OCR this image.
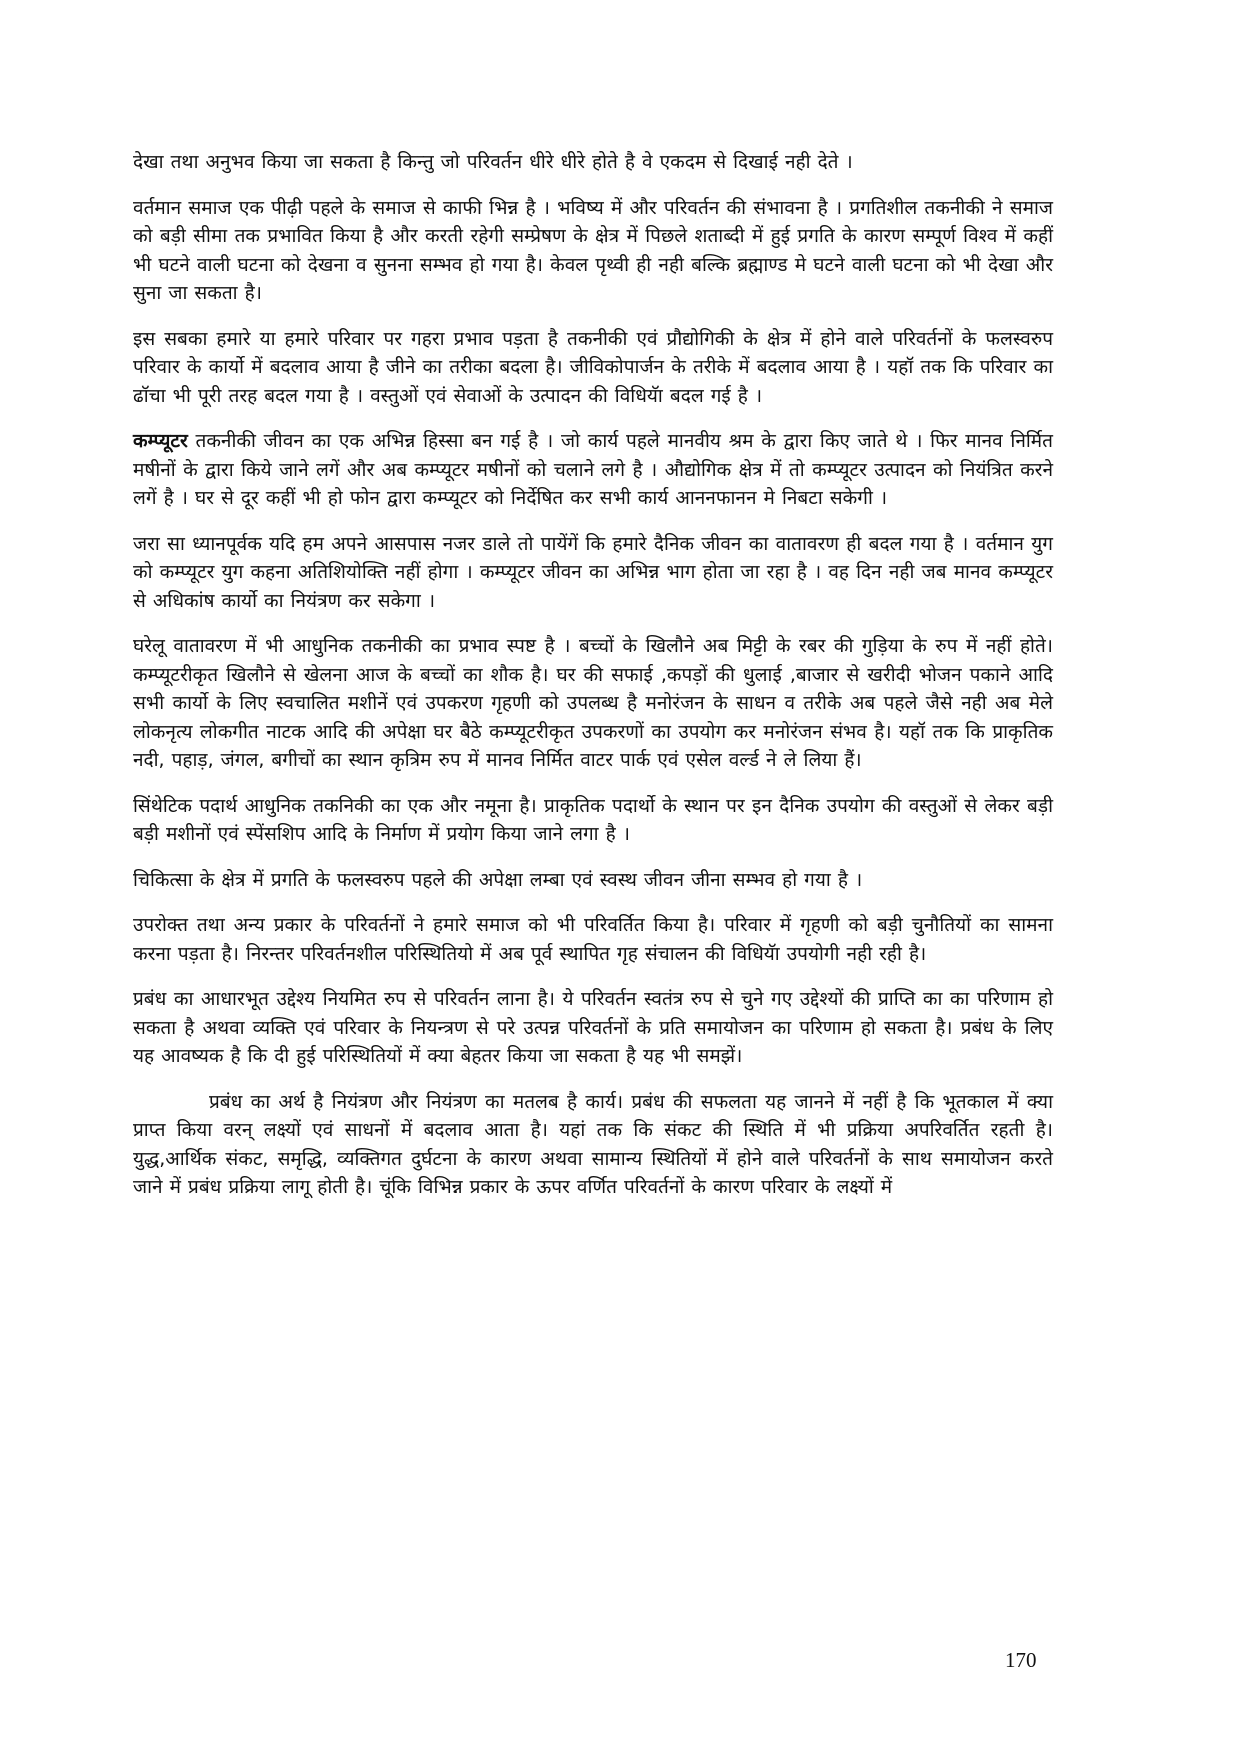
देखा तथा अनुभव किया जा सकता है किन्तु जो परिवर्तन धीरे धीरे होते है वे एकदम से दिखाई नही देते ।

वर्तमान समाज एक पीढ़ी पहले के समाज से काफी भिन्न है । भविष्य में और परिवर्तन की संभावना है । प्रगतिशील तकनीकी ने समाज को बड़ी सीमा तक प्रभावित किया है और करती रहेगी सम्प्रेषण के क्षेत्र में पिछले शताब्दी में हुई प्रगति के कारण सम्पूर्ण विश्व में कहीं भी घटने वाली घटना को देखना व सुनना सम्भव हो गया है। केवल पृथ्वी ही नही बल्कि ब्रह्माण्ड मे घटने वाली घटना को भी देखा और सुना जा सकता है।

इस सबका हमारे या हमारे परिवार पर गहरा प्रभाव पड़ता है तकनीकी एवं प्रौद्योगिकी के क्षेत्र में होने वाले परिवर्तनों के फलस्वरुप परिवार के कार्यो में बदलाव आया है जीने का तरीका बदला है। जीविकोपार्जन के तरीके में बदलाव आया है । यहॉ तक कि परिवार का ढॉचा भी पूरी तरह बदल गया है । वस्तुओं एवं सेवाओं के उत्पादन की विधियॅा बदल गई है ।

कम्प्यूटर तकनीकी जीवन का एक अभिन्न हिस्सा बन गई है । जो कार्य पहले मानवीय श्रम के द्वारा किए जाते थे । फिर मानव निर्मित मषीनों के द्वारा किये जाने लगें और अब कम्प्यूटर मषीनों को चलाने लगे है । औद्योगिक क्षेत्र में तो कम्प्यूटर उत्पादन को नियंत्रित करने लगें है । घर से दूर कहीं भी हो फोन द्वारा कम्प्यूटर को निर्देषित कर सभी कार्य आननफानन मे निबटा सकेगी ।

जरा सा ध्यानपूर्वक यदि हम अपने आसपास नजर डाले तो पायेंगें कि हमारे दैनिक जीवन का वातावरण ही बदल गया है । वर्तमान युग को कम्प्यूटर युग कहना अतिशियोक्ति नहीं होगा । कम्प्यूटर जीवन का अभिन्न भाग होता जा रहा है । वह दिन नही जब मानव कम्प्यूटर से अधिकांष कार्यो का नियंत्रण कर सकेगा ।

घरेलू वातावरण में भी आधुनिक तकनीकी का प्रभाव स्पष्ट है । बच्चों के खिलौने अब मिट्टी के रबर की गुड़िया के रुप में नहीं होते। कम्प्यूटरीकृत खिलौने से खेलना आज के बच्चों का शौक है। घर की सफाई ,कपड़ों की धुलाई ,बाजार से खरीदी भोजन पकाने आदि सभी कार्यो के लिए स्वचालित मशीनें एवं उपकरण गृहणी को उपलब्ध है मनोरंजन के साधन व तरीके अब पहले जैसे नही अब मेले लोकनृत्य लोकगीत नाटक आदि की अपेक्षा घर बैठे कम्प्यूटरीकृत उपकरणों का उपयोग कर मनोरंजन संभव है। यहॉ तक कि प्राकृतिक नदी, पहाड़, जंगल, बगीचों का स्थान कृत्रिम रुप में मानव निर्मित वाटर पार्क एवं एसेल वर्ल्ड ने ले लिया हैं।

सिंथेटिक पदार्थ आधुनिक तकनिकी का एक और नमूना है। प्राकृतिक पदार्थो के स्थान पर इन दैनिक उपयोग की वस्तुओं से लेकर बड़ी बड़ी मशीनों एवं स्पेंसशिप आदि के निर्माण में प्रयोग किया जाने लगा है ।

चिकित्सा के क्षेत्र में प्रगति के फलस्वरुप पहले की अपेक्षा लम्बा एवं स्वस्थ जीवन जीना सम्भव हो गया है ।

उपरोक्त तथा अन्य प्रकार के परिवर्तनों ने हमारे समाज को भी परिवर्तित किया है। परिवार में गृहणी को बड़ी चुनौतियों का सामना करना पड़ता है। निरन्तर परिवर्तनशील परिस्थितियो में अब पूर्व स्थापित गृह संचालन की विधियॅा उपयोगी नही रही है।

प्रबंध का आधारभूत उद्देश्य नियमित रुप से परिवर्तन लाना है। ये परिवर्तन स्वतंत्र रुप से चुने गए उद्देश्यों की प्राप्ति का का परिणाम हो सकता है अथवा व्यक्ति एवं परिवार के नियन्त्रण से परे उत्पन्न परिवर्तनों के प्रति समायोजन का परिणाम हो सकता है। प्रबंध के लिए यह आवष्यक है कि दी हुई परिस्थितियों में क्या बेहतर किया जा सकता है यह भी समझें।

प्रबंध का अर्थ है नियंत्रण और नियंत्रण का मतलब है कार्य। प्रबंध की सफलता यह जानने में नहीं है कि भूतकाल में क्या प्राप्त किया वरन् लक्ष्यों एवं साधनों में बदलाव आता है। यहां तक कि संकट की स्थिति में भी प्रक्रिया अपरिवर्तित रहती है। युद्ध,आर्थिक संकट, समृद्धि, व्यक्तिगत दुर्घटना के कारण अथवा सामान्य स्थितियों में होने वाले परिवर्तनों के साथ समायोजन करते जाने में प्रबंध प्रक्रिया लागू होती है। चूंकि विभिन्न प्रकार के ऊपर वर्णित परिवर्तनों के कारण परिवार के लक्ष्यों में

170
